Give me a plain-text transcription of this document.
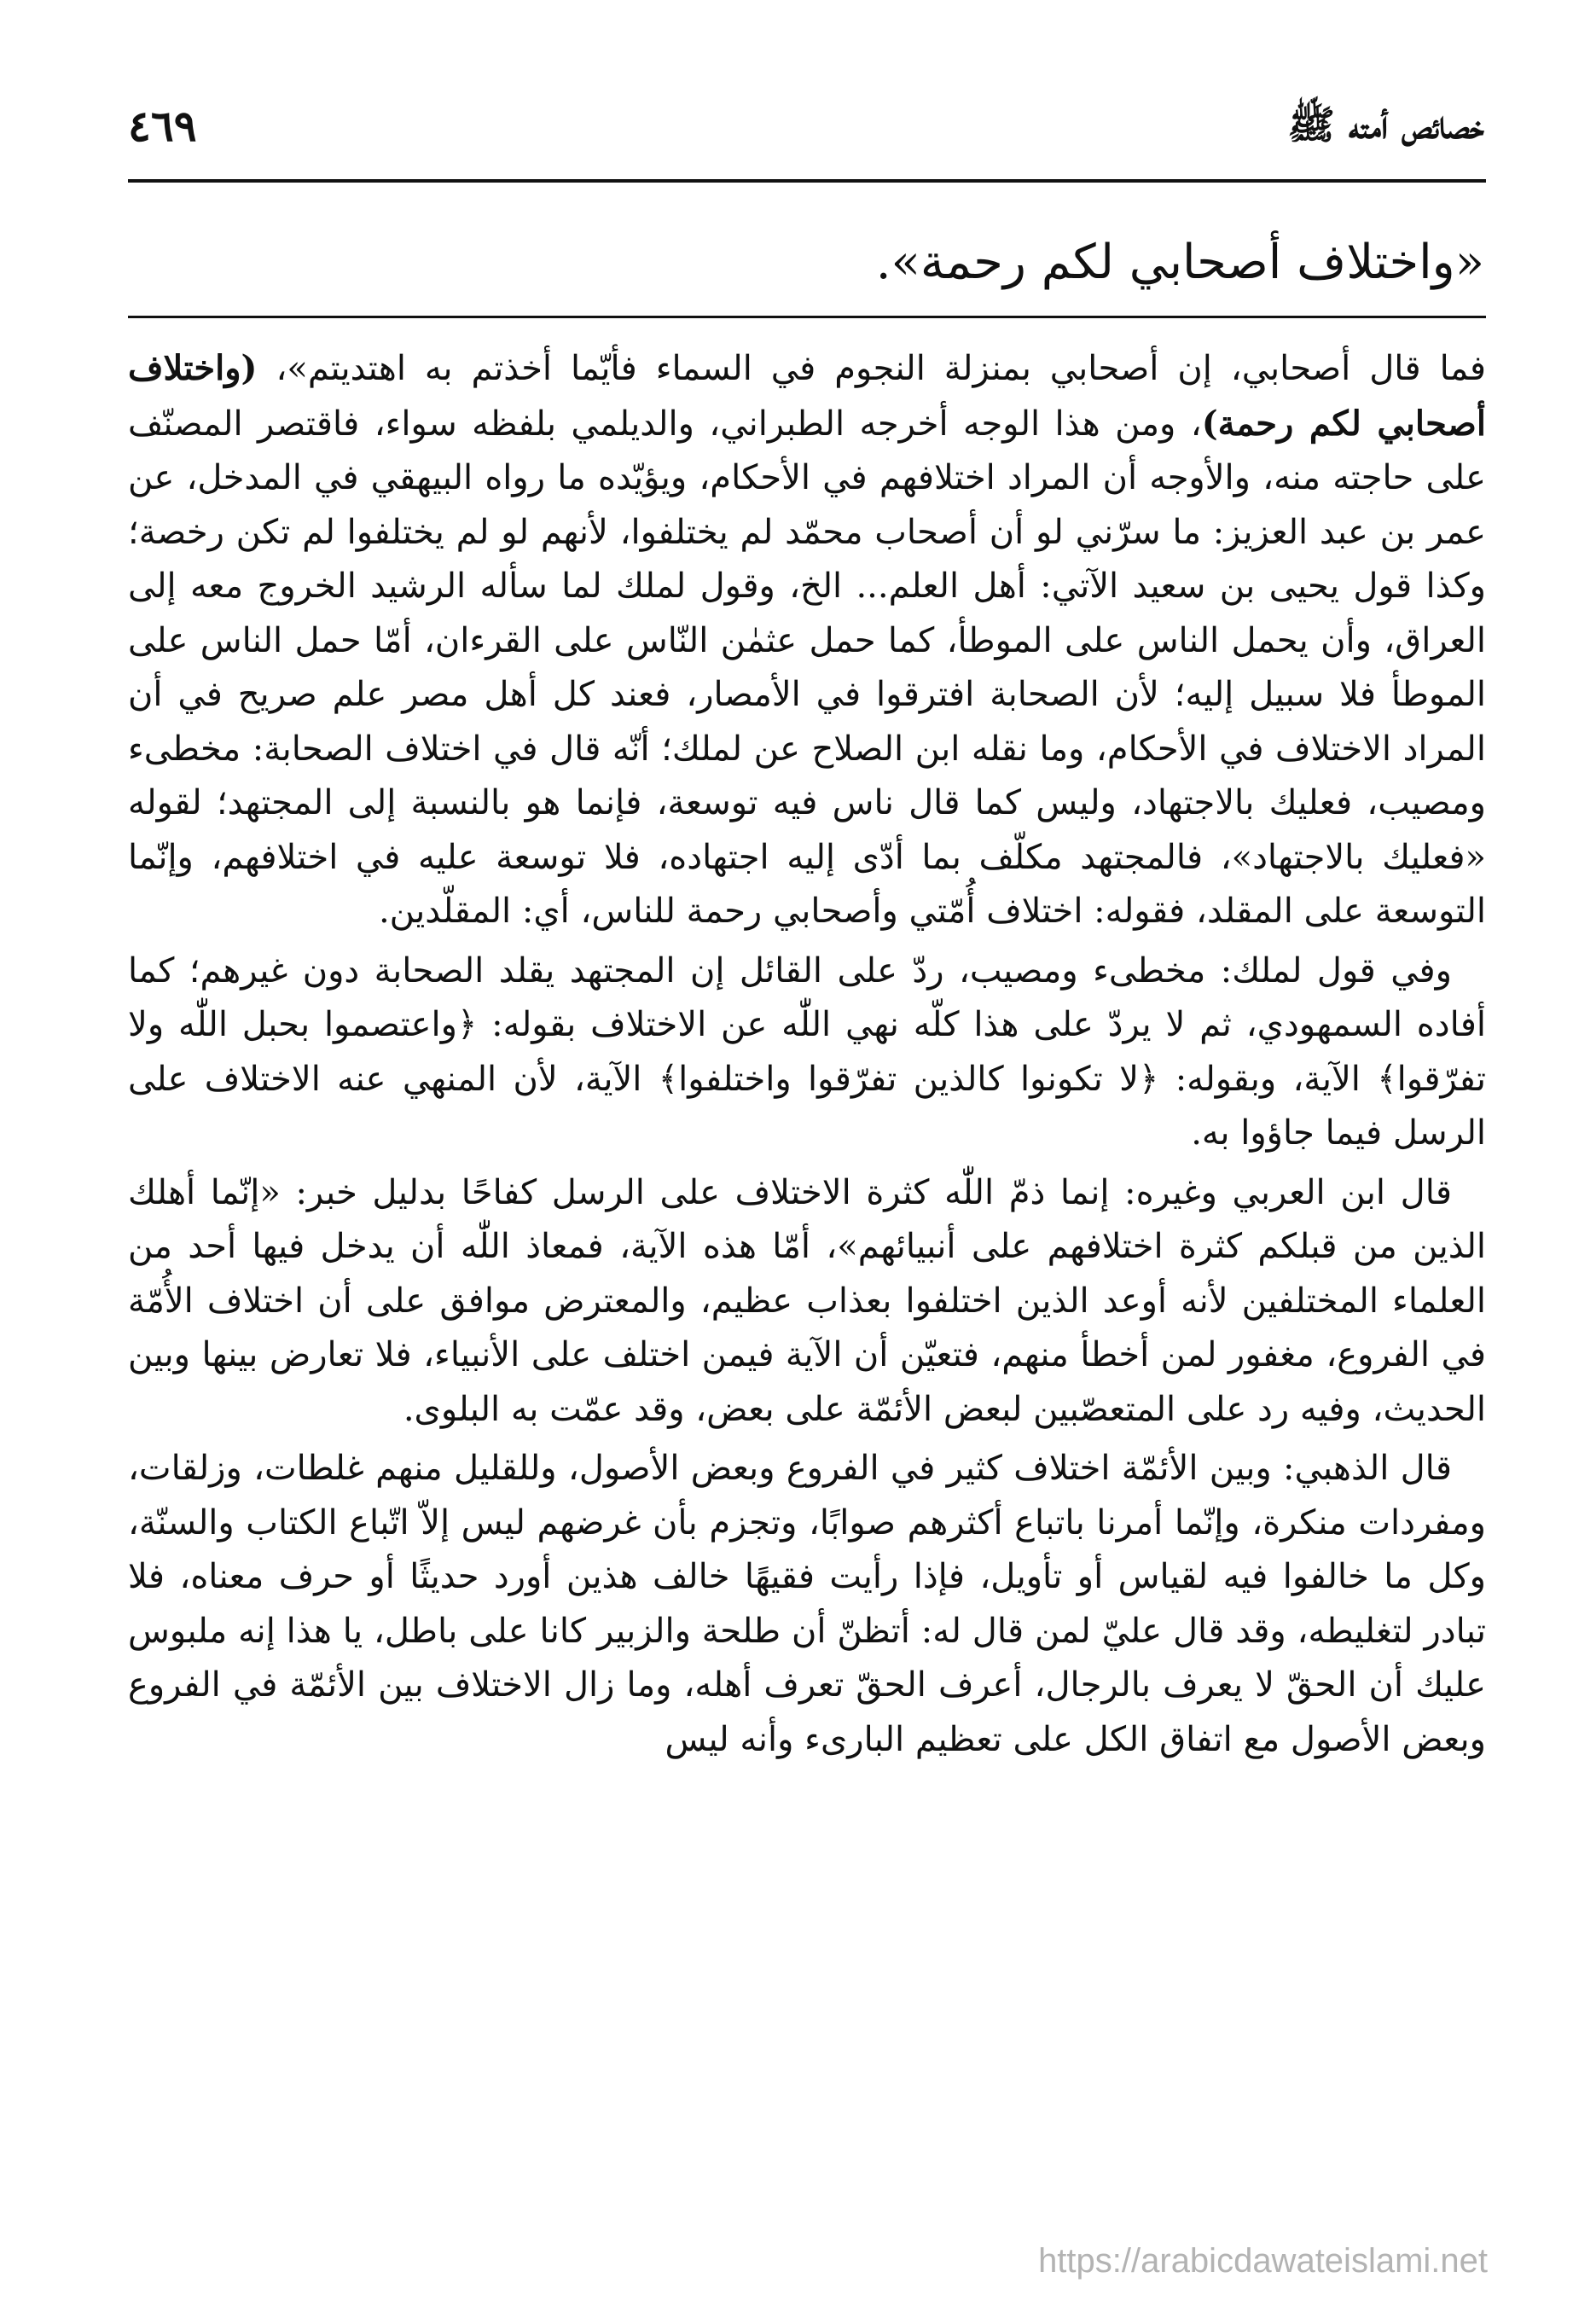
خصائص أمته ﷺ
٤٦٩
«واختلاف أصحابي لكم رحمة».

فما قال أصحابي، إن أصحابي بمنزلة النجوم في السماء فأيّما أخذتم به اهتديتم»، (واختلاف أصحابي لكم رحمة)، ومن هذا الوجه أخرجه الطبراني، والديلمي بلفظه سواء، فاقتصر المصنّف على حاجته منه، والأوجه أن المراد اختلافهم في الأحكام، ويؤيّده ما رواه البيهقي في المدخل، عن عمر بن عبد العزيز: ما سرّني لو أن أصحاب محمّد لم يختلفوا، لأنهم لو لم يختلفوا لم تكن رخصة؛ وكذا قول يحيى بن سعيد الآتي: أهل العلم... الخ، وقول لملك لما سأله الرشيد الخروج معه إلى العراق، وأن يحمل الناس على الموطأ، كما حمل عثمٰن النّاس على القرءان، أمّا حمل الناس على الموطأ فلا سبيل إليه؛ لأن الصحابة افترقوا في الأمصار، فعند كل أهل مصر علم صريح في أن المراد الاختلاف في الأحكام، وما نقله ابن الصلاح عن لملك؛ أنّه قال في اختلاف الصحابة: مخطىء ومصيب، فعليك بالاجتهاد، وليس كما قال ناس فيه توسعة، فإنما هو بالنسبة إلى المجتهد؛ لقوله «فعليك بالاجتهاد»، فالمجتهد مكلّف بما أدّى إليه اجتهاده، فلا توسعة عليه في اختلافهم، وإنّما التوسعة على المقلد، فقوله: اختلاف أُمّتي وأصحابي رحمة للناس، أي: المقلّدين.

وفي قول لملك: مخطىء ومصيب، ردّ على القائل إن المجتهد يقلد الصحابة دون غيرهم؛ كما أفاده السمهودي، ثم لا يردّ على هذا كلّه نهي اللّٰه عن الاختلاف بقوله: ﴿واعتصموا بحبل اللّٰه ولا تفرّقوا﴾ الآية، وبقوله: ﴿لا تكونوا كالذين تفرّقوا واختلفوا﴾ الآية، لأن المنهي عنه الاختلاف على الرسل فيما جاؤوا به.

قال ابن العربي وغيره: إنما ذمّ اللّٰه كثرة الاختلاف على الرسل كفاحًا بدليل خبر: «إنّما أهلك الذين من قبلكم كثرة اختلافهم على أنبيائهم»، أمّا هذه الآية، فمعاذ اللّٰه أن يدخل فيها أحد من العلماء المختلفين لأنه أوعد الذين اختلفوا بعذاب عظيم، والمعترض موافق على أن اختلاف الأُمّة في الفروع، مغفور لمن أخطأ منهم، فتعيّن أن الآية فيمن اختلف على الأنبياء، فلا تعارض بينها وبين الحديث، وفيه رد على المتعصّبين لبعض الأئمّة على بعض، وقد عمّت به البلوى.

قال الذهبي: وبين الأئمّة اختلاف كثير في الفروع وبعض الأصول، وللقليل منهم غلطات، وزلقات، ومفردات منكرة، وإنّما أمرنا باتباع أكثرهم صوابًا، وتجزم بأن غرضهم ليس إلاّ اتّباع الكتاب والسنّة، وكل ما خالفوا فيه لقياس أو تأويل، فإذا رأيت فقيهًا خالف هذين أورد حديثًا أو حرف معناه، فلا تبادر لتغليطه، وقد قال عليّ لمن قال له: أتظنّ أن طلحة والزبير كانا على باطل، يا هذا إنه ملبوس عليك أن الحقّ لا يعرف بالرجال، أعرف الحقّ تعرف أهله، وما زال الاختلاف بين الأئمّة في الفروع وبعض الأصول مع اتفاق الكل على تعظيم البارىء وأنه ليس

https://arabicdawateislami.net
